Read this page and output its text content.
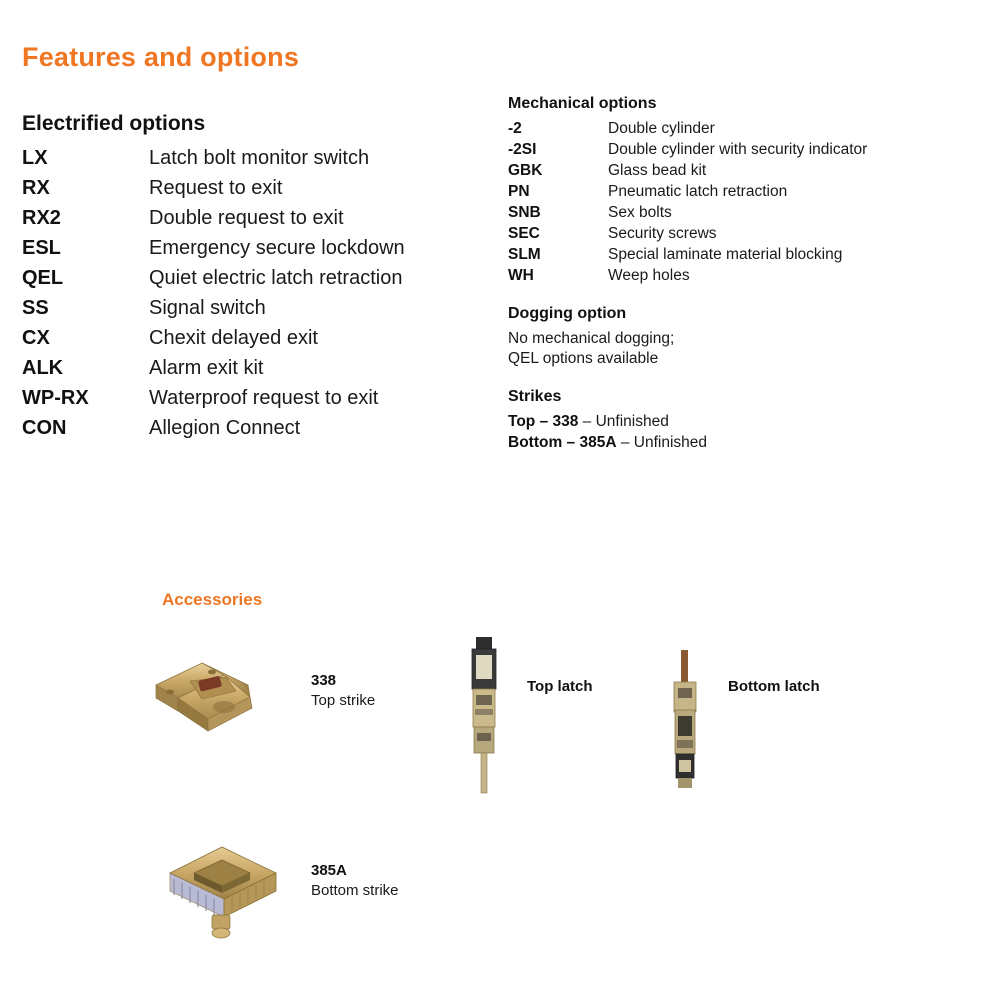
Features and options
Electrified options
LX	Latch bolt monitor switch
RX	Request to exit
RX2	Double request to exit
ESL	Emergency secure lockdown
QEL	Quiet electric latch retraction
SS	Signal switch
CX	Chexit delayed exit
ALK	Alarm exit kit
WP-RX	Waterproof request to exit
CON	Allegion Connect
Mechanical options
-2	Double cylinder
-2SI	Double cylinder with security indicator
GBK	Glass bead kit
PN	Pneumatic latch retraction
SNB	Sex bolts
SEC	Security screws
SLM	Special laminate material blocking
WH	Weep holes
Dogging option
No mechanical dogging;
QEL options available
Strikes
Top – 338 – Unfinished
Bottom – 385A – Unfinished
Accessories
338
Top strike
385A
Bottom strike
Top latch	Bottom latch
